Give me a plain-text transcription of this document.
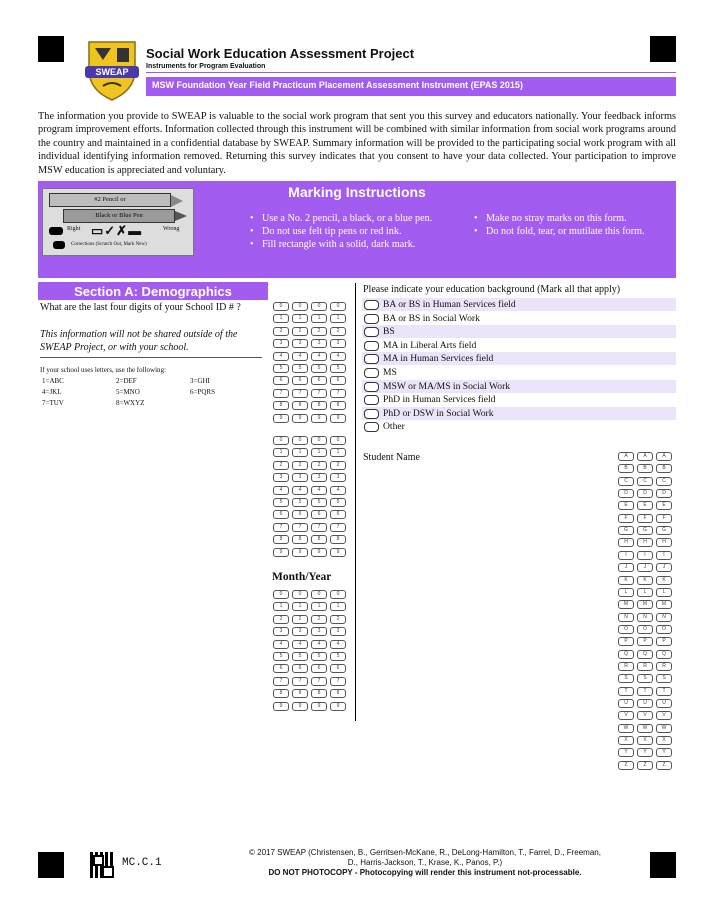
SWEAP
Social Work Education Assessment Project
Instruments for Program Evaluation
MSW Foundation Year Field Practicum Placement Assessment Instrument (EPAS 2015)
The information you provide to SWEAP is valuable to the social work program that sent you this survey and educators nationally. Your feedback informs program improvement efforts. Information collected through this instrument will be combined with similar information from social work programs around the country and maintained in a confidential database by SWEAP. Summary information will be provided to the participating social work program with all individual identifying information removed. Returning this survey indicates that you consent to have your data collected. Your participation to improve MSW education is appreciated and voluntary.
Marking Instructions
#2 Pencil or
Black or Blue Pen
Right ▭✓✗▬	Wrong
Corrections (Scratch Out, Mark New)
• Use a No. 2 pencil, a black, or a blue pen.
• Do not use felt tip pens or red ink.
• Fill rectangle with a solid, dark mark.
• Make no stray marks on this form.
• Do not fold, tear, or mutilate this form.
Section A: Demographics
What are the last four digits of your School ID # ?
This information will not be shared outside of the SWEAP Project, or with your school.
If your school uses letters, use the following:
1=ABC	2=DEF	3=GHI
4=JKL	5=MNO	6=PQRS
7=TUV	8=WXYZ
0	0	0	0
1	1	1	1
2	2	2	2
3	3	3	3
4	4	4	4
5	5	5	5
6	6	6	6
7	7	7	7
8	8	8	8
9	9	9	9
0	0	0	0
1	1	1	1
2	2	2	2
3	3	3	3
4	4	4	4
5	5	5	5
6	6	6	6
7	7	7	7
8	8	8	8
9	9	9	9
Month/Year
0	0	0	0
1	1	1	1
2	2	2	2
3	3	3	3
4	4	4	4
5	5	5	5
6	6	6	6
7	7	7	7
8	8	8	8
9	9	9	9
Please indicate your education background (Mark all that apply)
BA or BS in Human Services field
BA or BS in Social Work
BS
MA in Liberal Arts field
MA in Human Services field
MS
MSW or MA/MS in Social Work
PhD in Human Services field
PhD or DSW in Social Work
Other
Student Name	A	A	A
B	B	B
C	C	C
D	D	D
E	E	E
F	F	F
G	G	G
H	H	H
I	I	I
J	J	J
K	K	K
L	L	L
M	M	M
N	N	N
O	O	O
P	P	P
Q	Q	Q
R	R	R
S	S	S
T	T	T
U	U	U
V	V	V
W	W	W
X	X	X
Y	Y	Y
Z	Z	Z
MC.C.1
© 2017 SWEAP (Christensen, B., Gerritsen-McKane, R., DeLong-Hamilton, T., Farrel, D., Freeman,
D., Harris-Jackson, T., Krase, K., Panos, P.)
DO NOT PHOTOCOPY - Photocopying will render this instrument not-processable.
